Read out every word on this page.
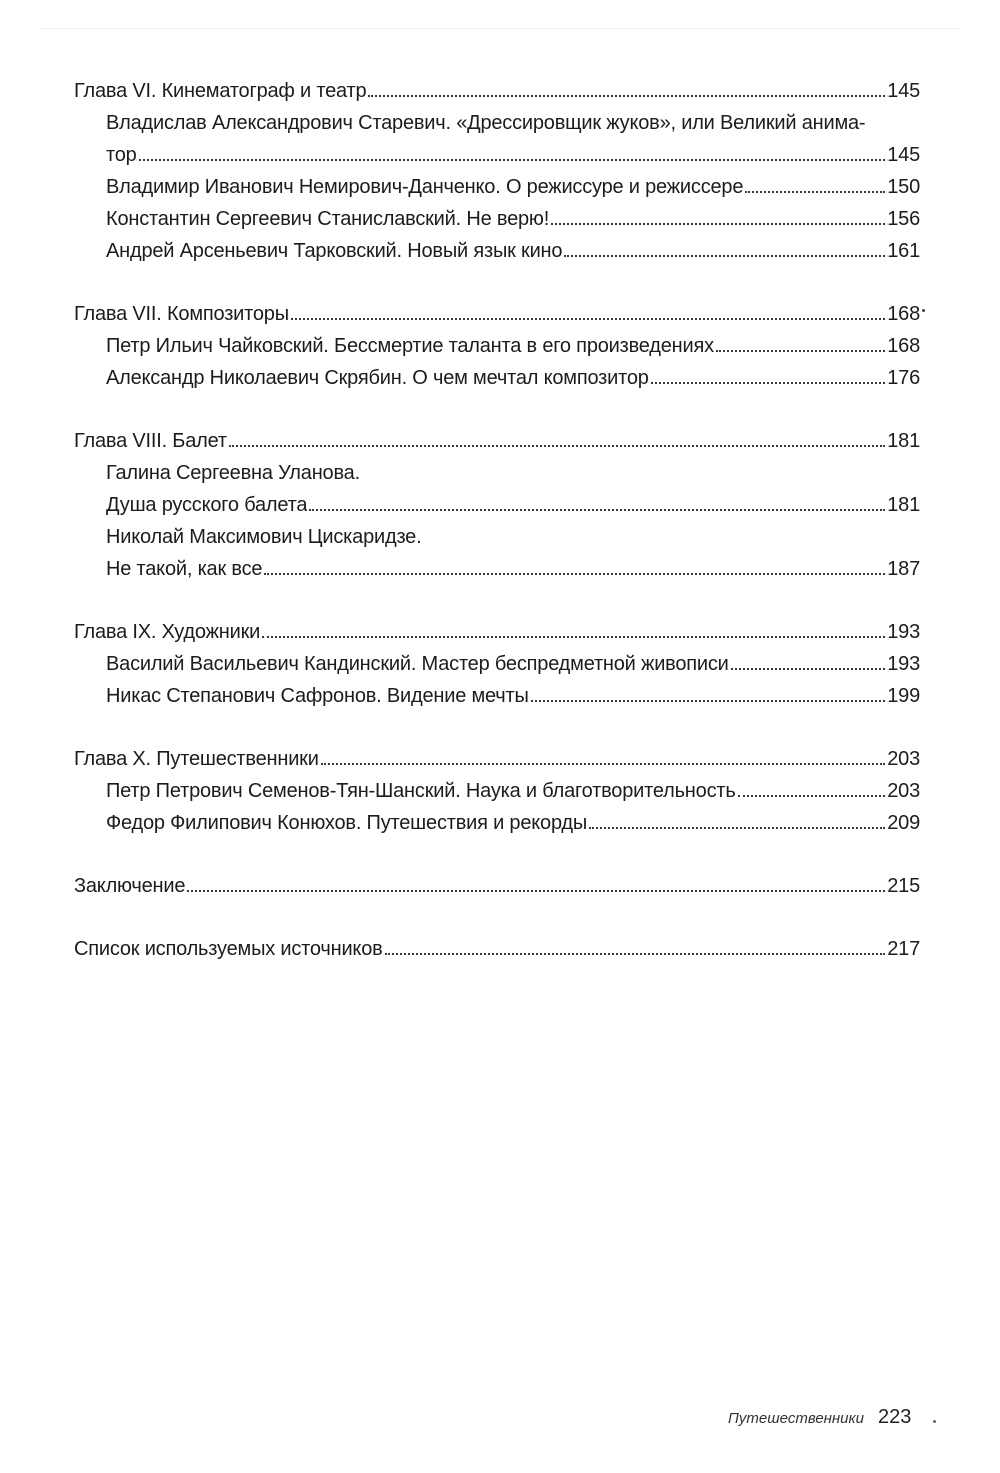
Глава VI. Кинематограф и театр	145
Владислав Александрович Старевич. «Дрессировщик жуков», или Великий анима-
тор	145
Владимир Иванович Немирович-Данченко. О режиссуре и режиссере	150
Константин Сергеевич Станиславский. Не верю!	156
Андрей Арсеньевич Тарковский. Новый язык кино	161
Глава VII. Композиторы	168
Петр Ильич Чайковский. Бессмертие таланта в его произведениях	168
Александр Николаевич Скрябин. О чем мечтал композитор	176
Глава VIII. Балет	181
Галина Сергеевна Уланова.
Душа русского балета	181
Николай Максимович Цискаридзе.
Не такой, как все	187
Глава IX. Художники	193
Василий Васильевич Кандинский. Мастер беспредметной живописи	193
Никас Степанович Сафронов. Видение мечты	199
Глава X. Путешественники	203
Петр Петрович Семенов-Тян-Шанский. Наука и благотворительность	203
Федор Филипович Конюхов. Путешествия и рекорды	209
Заключение	215
Список используемых источников	217
Путешественники 223
